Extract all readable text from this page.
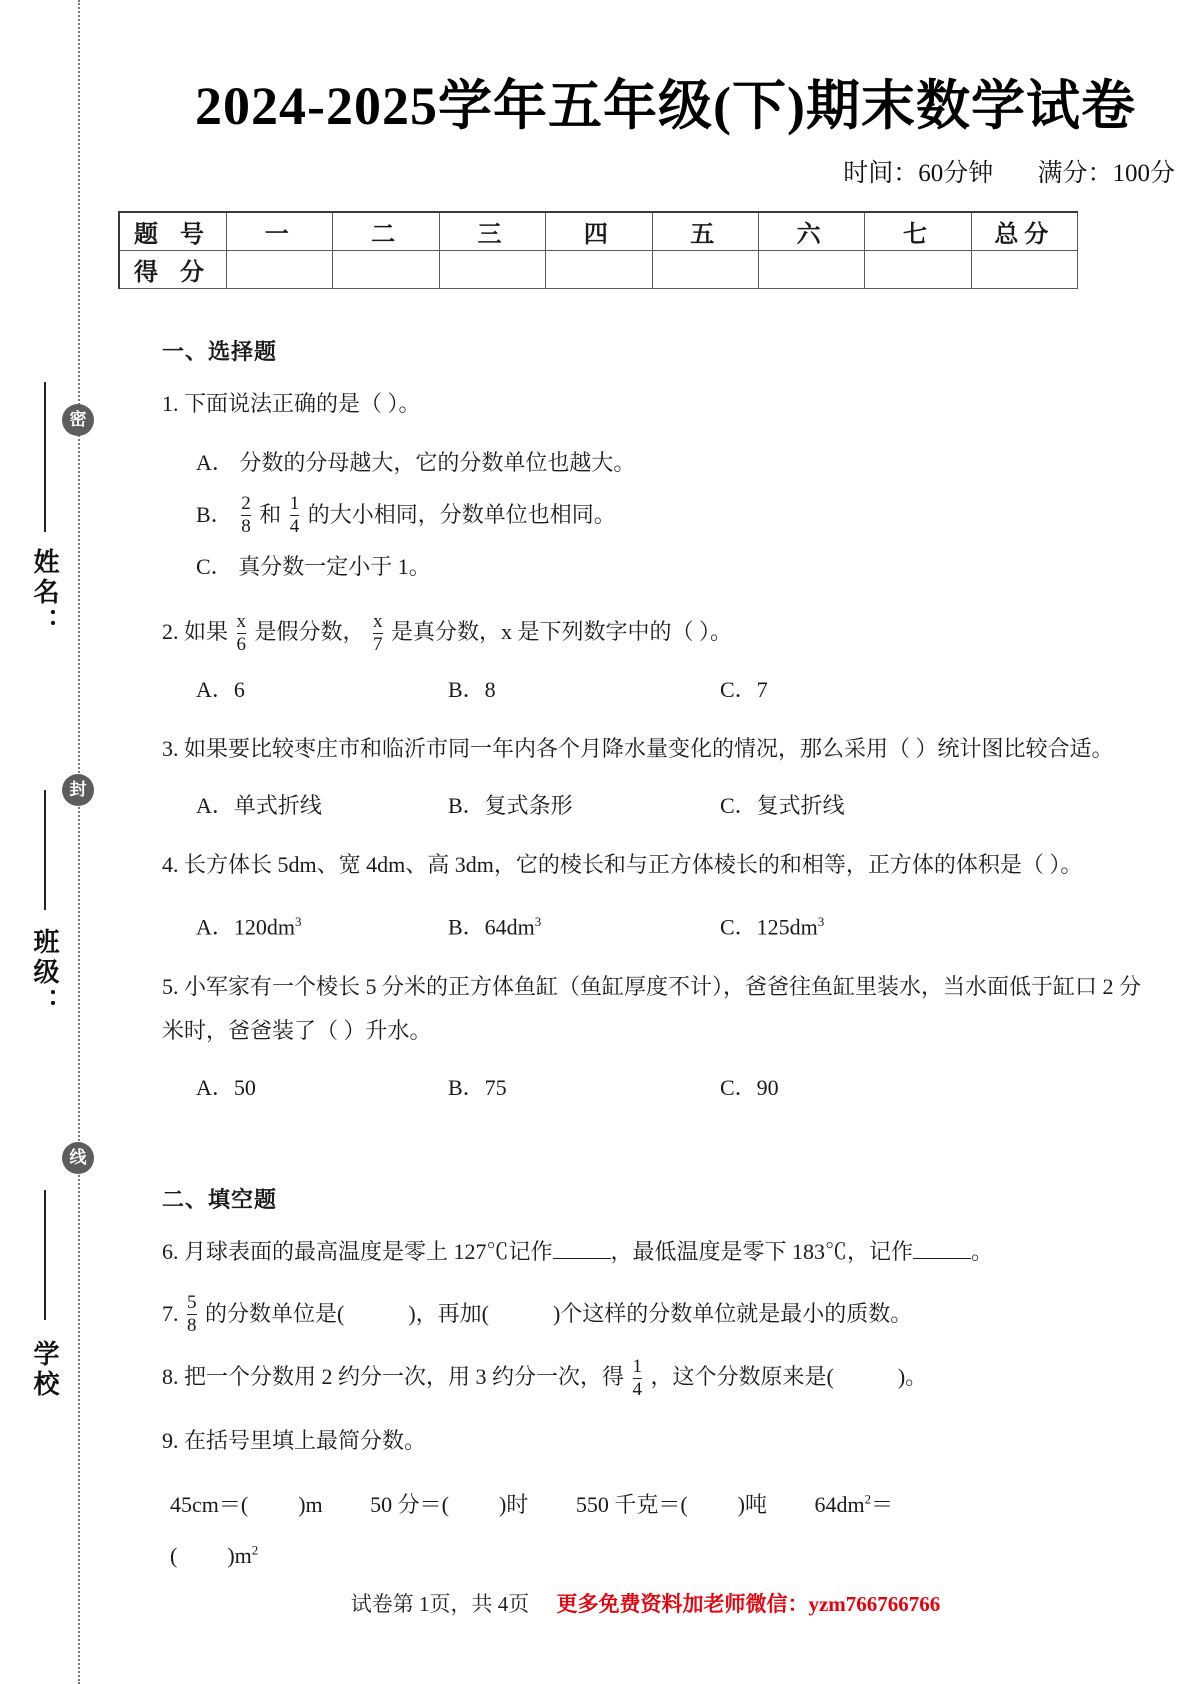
密
封
线
姓名：
班级：
学校
2024-2025学年五年级(下)期末数学试卷
时间：60分钟 满分：100分
题 号	一	二	三	四	五	六	七	总分
得 分								
一、选择题
1. 下面说法正确的是（ ）。
A． 分数的分母越大，它的分数单位也越大。
B． $\frac{2}{8}$ 和 $\frac{1}{4}$ 的大小相同，分数单位也相同。
C． 真分数一定小于 1。
2. 如果 $\frac{x}{6}$ 是假分数， $\frac{x}{7}$ 是真分数，x 是下列数字中的（ ）。
A．6	B．8	C．7
3. 如果要比较枣庄市和临沂市同一年内各个月降水量变化的情况，那么采用（ ）统计图比较合适。
A．单式折线	B．复式条形	C．复式折线
4. 长方体长 5dm、宽 4dm、高 3dm，它的棱长和与正方体棱长的和相等，正方体的体积是（ ）。
A．$120dm^3$	B．$64dm^3$	C．$125dm^3$
5. 小军家有一个棱长 5 分米的正方体鱼缸（鱼缸厚度不计），爸爸往鱼缸里装水，当水面低于缸口 2 分米时，爸爸装了（ ）升水。
A．50	B．75	C．90
二、填空题
6. 月球表面的最高温度是零上 127℃记作	，最低温度是零下 183℃，记作	。
7. $\frac{5}{8}$ 的分数单位是(	)，再加(	)个这样的分数单位就是最小的质数。
8. 把一个分数用 2 约分一次，用 3 约分一次，得 $\frac{1}{4}$ ，这个分数原来是(	)。
9. 在括号里填上最简分数。
45cm＝( )m 50 分＝( )时 550 千克＝( )吨 $64dm^2=$
( )$m^2$
试卷第 1页，共 4页 更多免费资料加老师微信：yzm766766766
